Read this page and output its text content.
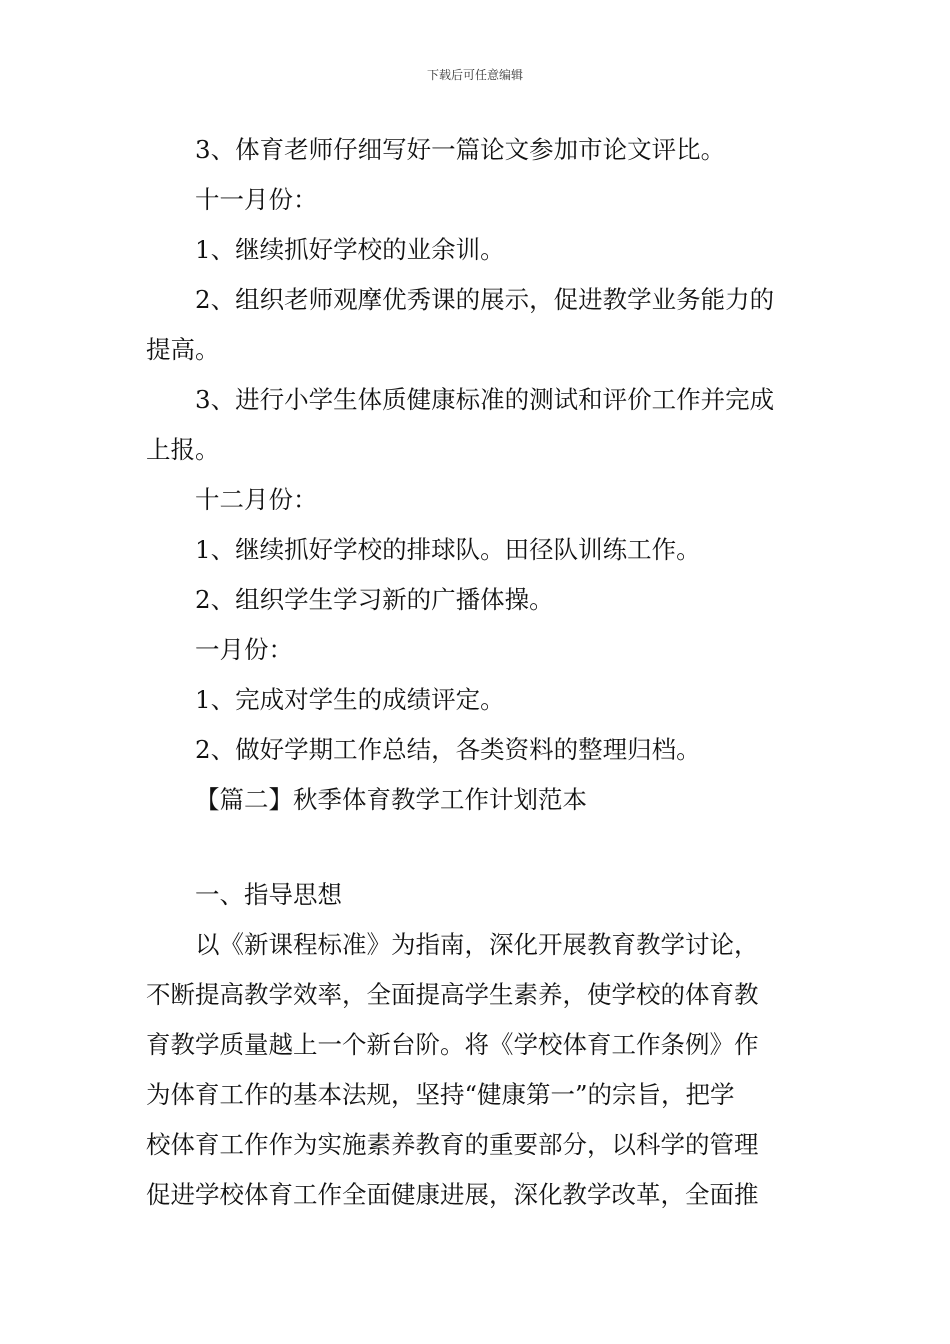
下载后可任意编辑
3、体育老师仔细写好一篇论文参加市论文评比。
十一月份：
1、继续抓好学校的业余训。
2、组织老师观摩优秀课的展示，促进教学业务能力的
提高。
3、进行小学生体质健康标准的测试和评价工作并完成
上报。
十二月份：
1、继续抓好学校的排球队。田径队训练工作。
2、组织学生学习新的广播体操。
一月份：
1、完成对学生的成绩评定。
2、做好学期工作总结，各类资料的整理归档。
【篇二】秋季体育教学工作计划范本
一、指导思想
以《新课程标准》为指南，深化开展教育教学讨论，
不断提高教学效率，全面提高学生素养，使学校的体育教
育教学质量越上一个新台阶。将《学校体育工作条例》作
为体育工作的基本法规，坚持“健康第一”的宗旨，把学
校体育工作作为实施素养教育的重要部分，以科学的管理
促进学校体育工作全面健康进展，深化教学改革，全面推
